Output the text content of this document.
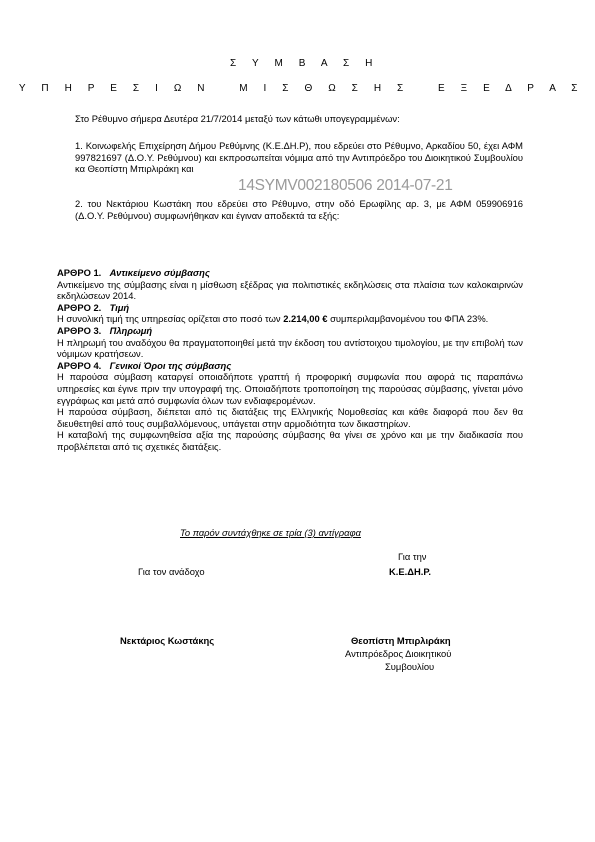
Σ Υ Μ Β Α Σ Η
Υ Π Η Ρ Ε Σ Ι Ω Ν   Μ Ι Σ Θ Ω Σ Η Σ   Ε Ξ Ε Δ Ρ Α Σ
Στο Ρέθυμνο σήμερα Δευτέρα 21/7/2014 μεταξύ των κάτωθι υπογεγραμμένων:
1. Κοινωφελής Επιχείρηση Δήμου Ρεθύμνης (Κ.Ε.ΔΗ.Ρ), που εδρεύει στο Ρέθυμνο, Αρκαδίου 50, έχει ΑΦΜ 997821697 (Δ.Ο.Υ. Ρεθύμνου) και εκπροσωπείται νόμιμα από την Αντιπρόεδρο του Διοικητικού Συμβουλίου κα Θεοπίστη Μπιρλιράκη και
14SYMV002180506 2014-07-21
2. του Νεκτάριου Κωστάκη που εδρεύει στο Ρέθυμνο, στην οδό Ερωφίλης αρ. 3, με ΑΦΜ 059906916 (Δ.Ο.Υ. Ρεθύμνου) συμφωνήθηκαν και έγιναν αποδεκτά τα εξής:
ΑΡΘΡΟ 1. Αντικείμενο σύμβασης

Αντικείμενο της σύμβασης είναι η μίσθωση εξέδρας για πολιτιστικές εκδηλώσεις στα πλαίσια των καλοκαιρινών εκδηλώσεων 2014.

ΑΡΘΡΟ 2. Τιμή

Η συνολική τιμή της υπηρεσίας ορίζεται στο ποσό των 2.214,00 € συμπεριλαμβανομένου του ΦΠΑ 23%.

ΑΡΘΡΟ 3. Πληρωμή

Η πληρωμή του αναδόχου θα πραγματοποιηθεί μετά την έκδοση του αντίστοιχου τιμολογίου, με την επιβολή των νόμιμων κρατήσεων.

ΑΡΘΡΟ 4. Γενικοί Όροι της σύμβασης

Η παρούσα σύμβαση καταργεί οποιαδήποτε γραπτή ή προφορική συμφωνία που αφορά τις παραπάνω υπηρεσίες και έγινε πριν την υπογραφή της. Οποιαδήποτε τροποποίηση της παρούσας σύμβασης, γίνεται μόνο εγγράφως και μετά από συμφωνία όλων των ενδιαφερομένων.

Η παρούσα σύμβαση, διέπεται από τις διατάξεις της Ελληνικής Νομοθεσίας και κάθε διαφορά που δεν θα διευθετηθεί από τους συμβαλλόμενους, υπάγεται στην αρμοδιότητα των δικαστηρίων.

Η καταβολή της συμφωνηθείσα αξία της παρούσης σύμβασης θα γίνει σε χρόνο και με την διαδικασία που προβλέπεται από τις σχετικές διατάξεις.

Το παρόν συντάχθηκε σε τρία (3) αντίγραφα
Για την
Για τον ανάδοχο	Κ.Ε.ΔΗ.Ρ.
Νεκτάριος Κωστάκης	Θεοπίστη Μπιρλιράκη
Αντιπρόεδρος Διοικητικού
Συμβουλίου
